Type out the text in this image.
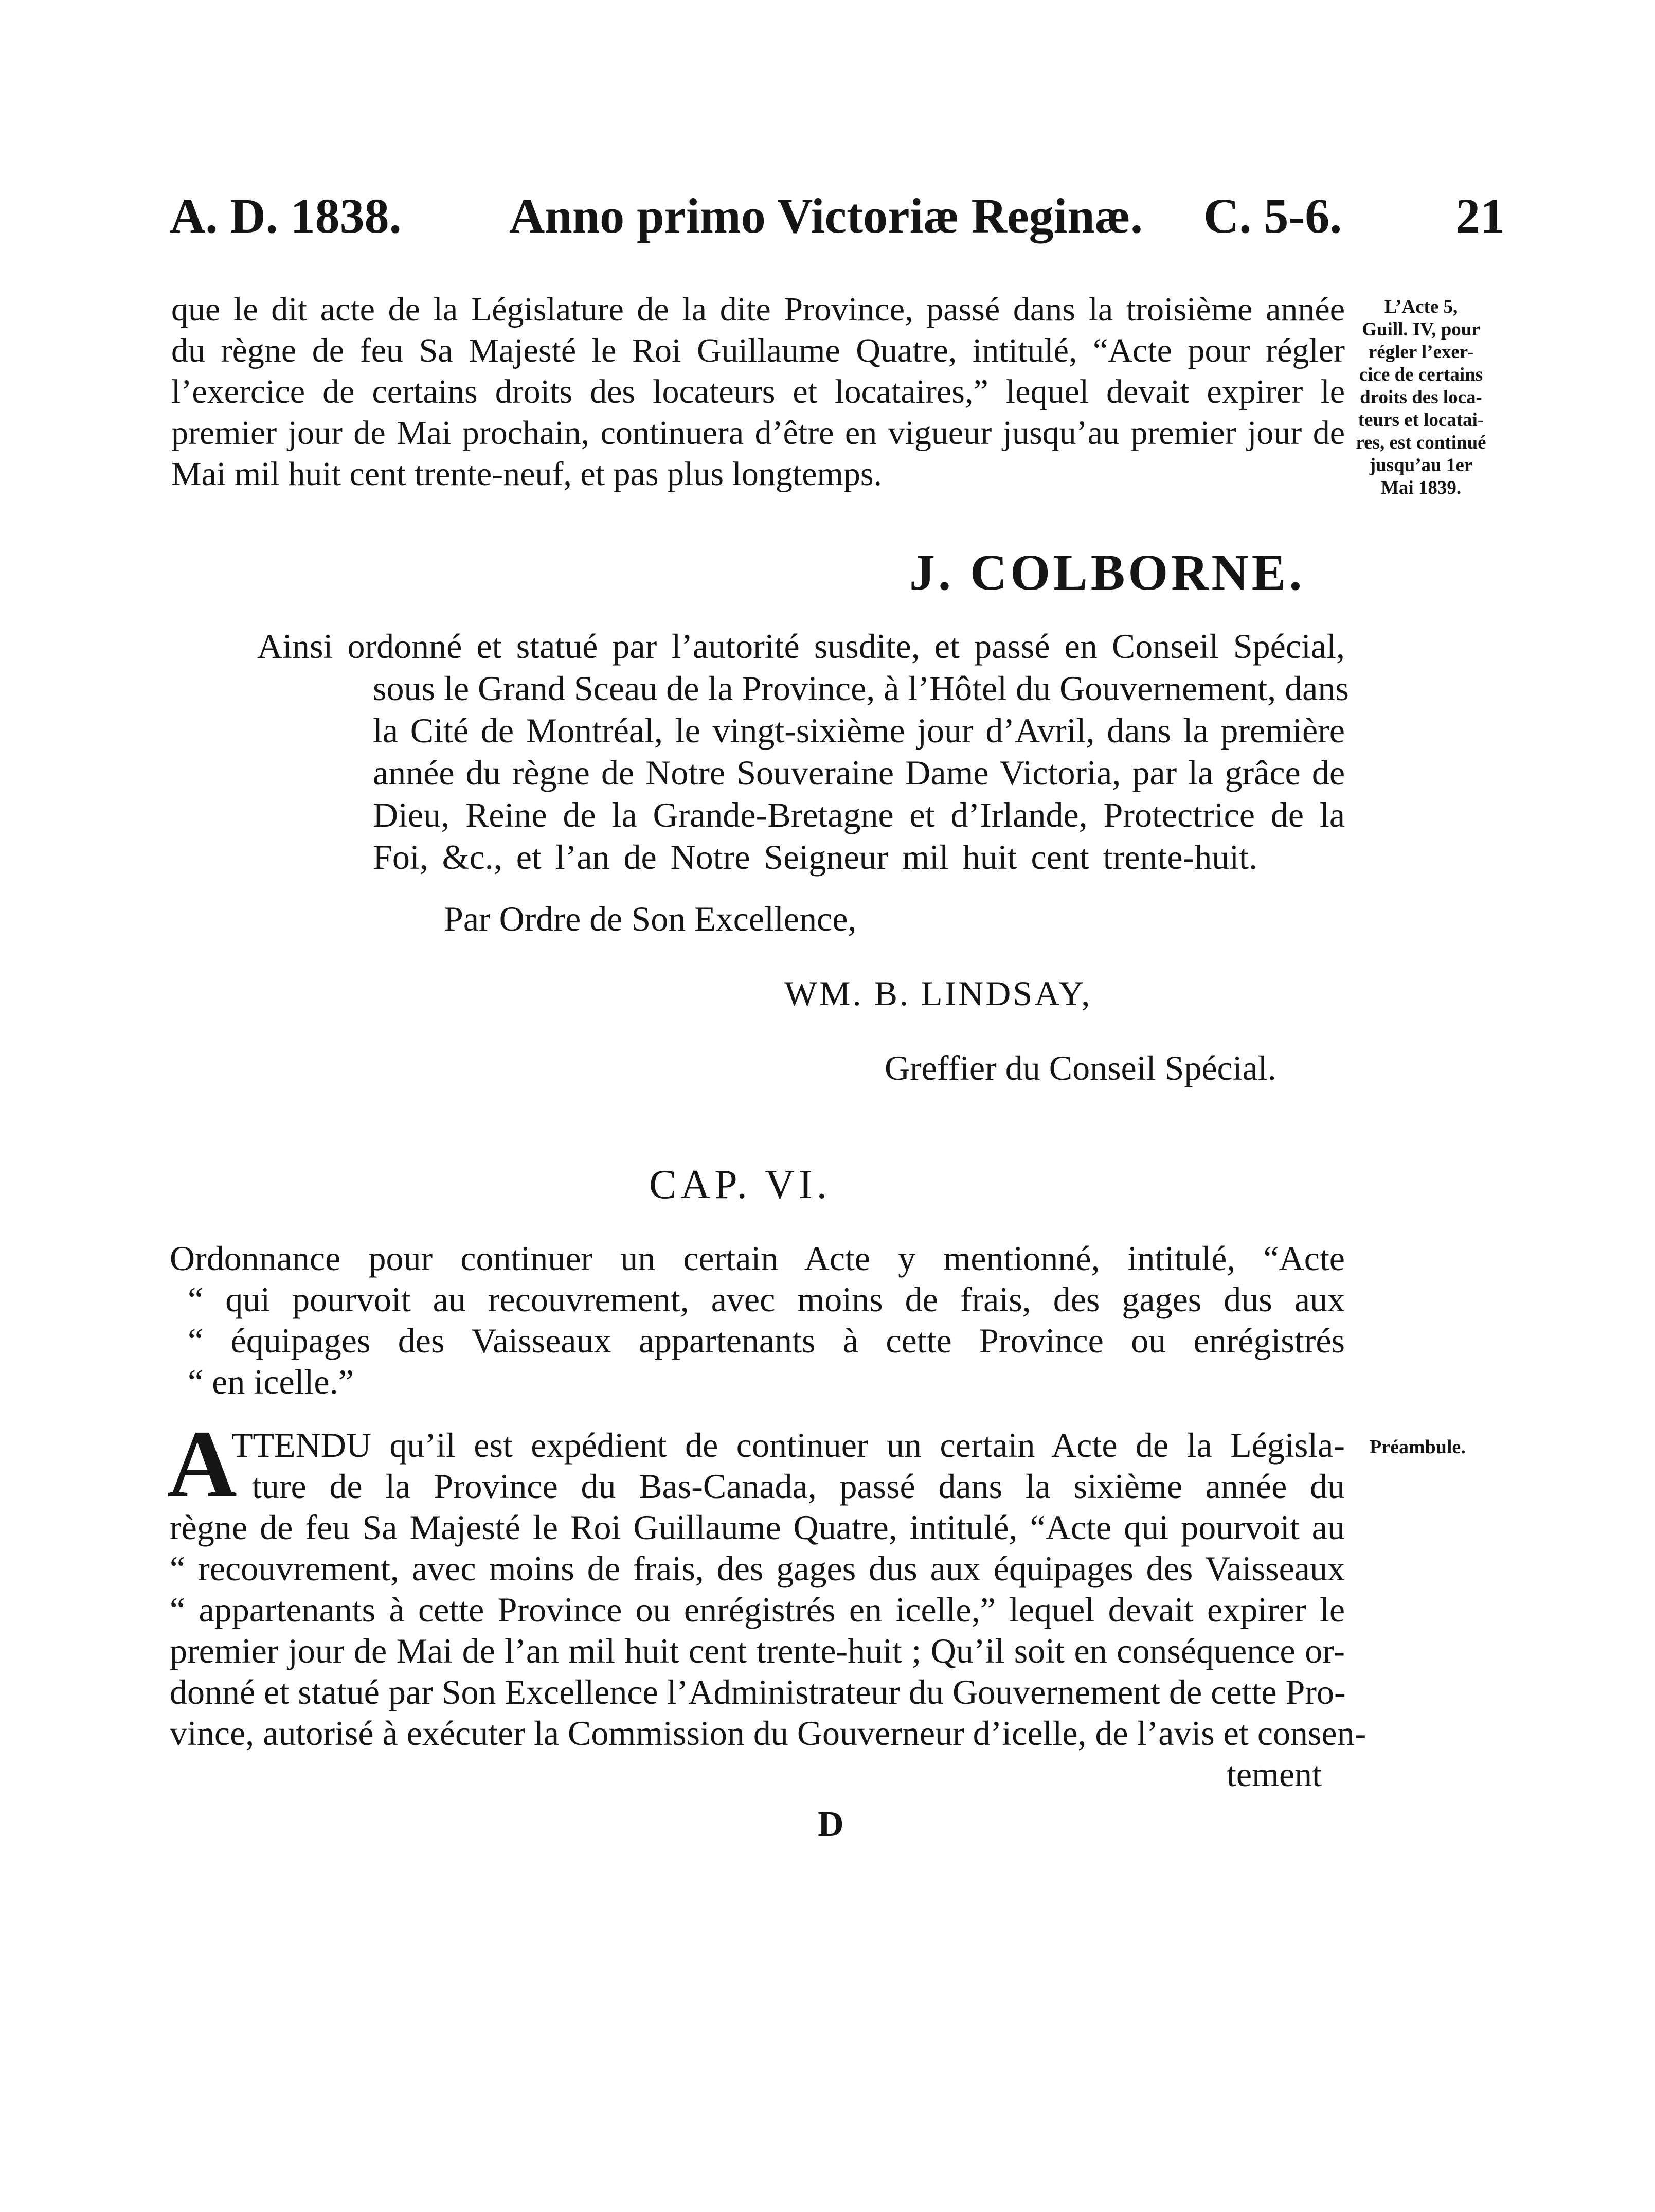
A. D. 1838. Anno primo Victoriæ Reginæ. C. 5-6. 21
que le dit acte de la Législature de la dite Province, passé dans la troisième année
du règne de feu Sa Majesté le Roi Guillaume Quatre, intitulé, “Acte pour régler
l’exercice de certains droits des locateurs et locataires,” lequel devait expirer le
premier jour de Mai prochain, continuera d’être en vigueur jusqu’au premier jour de
Mai mil huit cent trente-neuf, et pas plus longtemps.
L’Acte 5,
Guill. IV, pour
régler l’exer-
cice de certains
droits des loca-
teurs et locatai-
res, est continué
jusqu’au 1er
Mai 1839.
J. COLBORNE.
Ainsi ordonné et statué par l’autorité susdite, et passé en Conseil Spécial,
sous le Grand Sceau de la Province, à l’Hôtel du Gouvernement, dans
la Cité de Montréal, le vingt-sixième jour d’Avril, dans la première
année du règne de Notre Souveraine Dame Victoria, par la grâce de
Dieu, Reine de la Grande-Bretagne et d’Irlande, Protectrice de la
Foi, &c., et l’an de Notre Seigneur mil huit cent trente-huit.
Par Ordre de Son Excellence,
WM. B. LINDSAY,
Greffier du Conseil Spécial.
CAP. VI.
Ordonnance pour continuer un certain Acte y mentionné, intitulé, “Acte
“ qui pourvoit au recouvrement, avec moins de frais, des gages dus aux
“ équipages des Vaisseaux appartenants à cette Province ou enrégistrés
“ en icelle.”
A
TTENDU qu’il est expédient de continuer un certain Acte de la Législa-
ture de la Province du Bas-Canada, passé dans la sixième année du
règne de feu Sa Majesté le Roi Guillaume Quatre, intitulé, “Acte qui pourvoit au
“ recouvrement, avec moins de frais, des gages dus aux équipages des Vaisseaux
“ appartenants à cette Province ou enrégistrés en icelle,” lequel devait expirer le
premier jour de Mai de l’an mil huit cent trente-huit ; Qu’il soit en conséquence or-
donné et statué par Son Excellence l’Administrateur du Gouvernement de cette Pro-
vince, autorisé à exécuter la Commission du Gouverneur d’icelle, de l’avis et consen-
tement
Préambule.
D
